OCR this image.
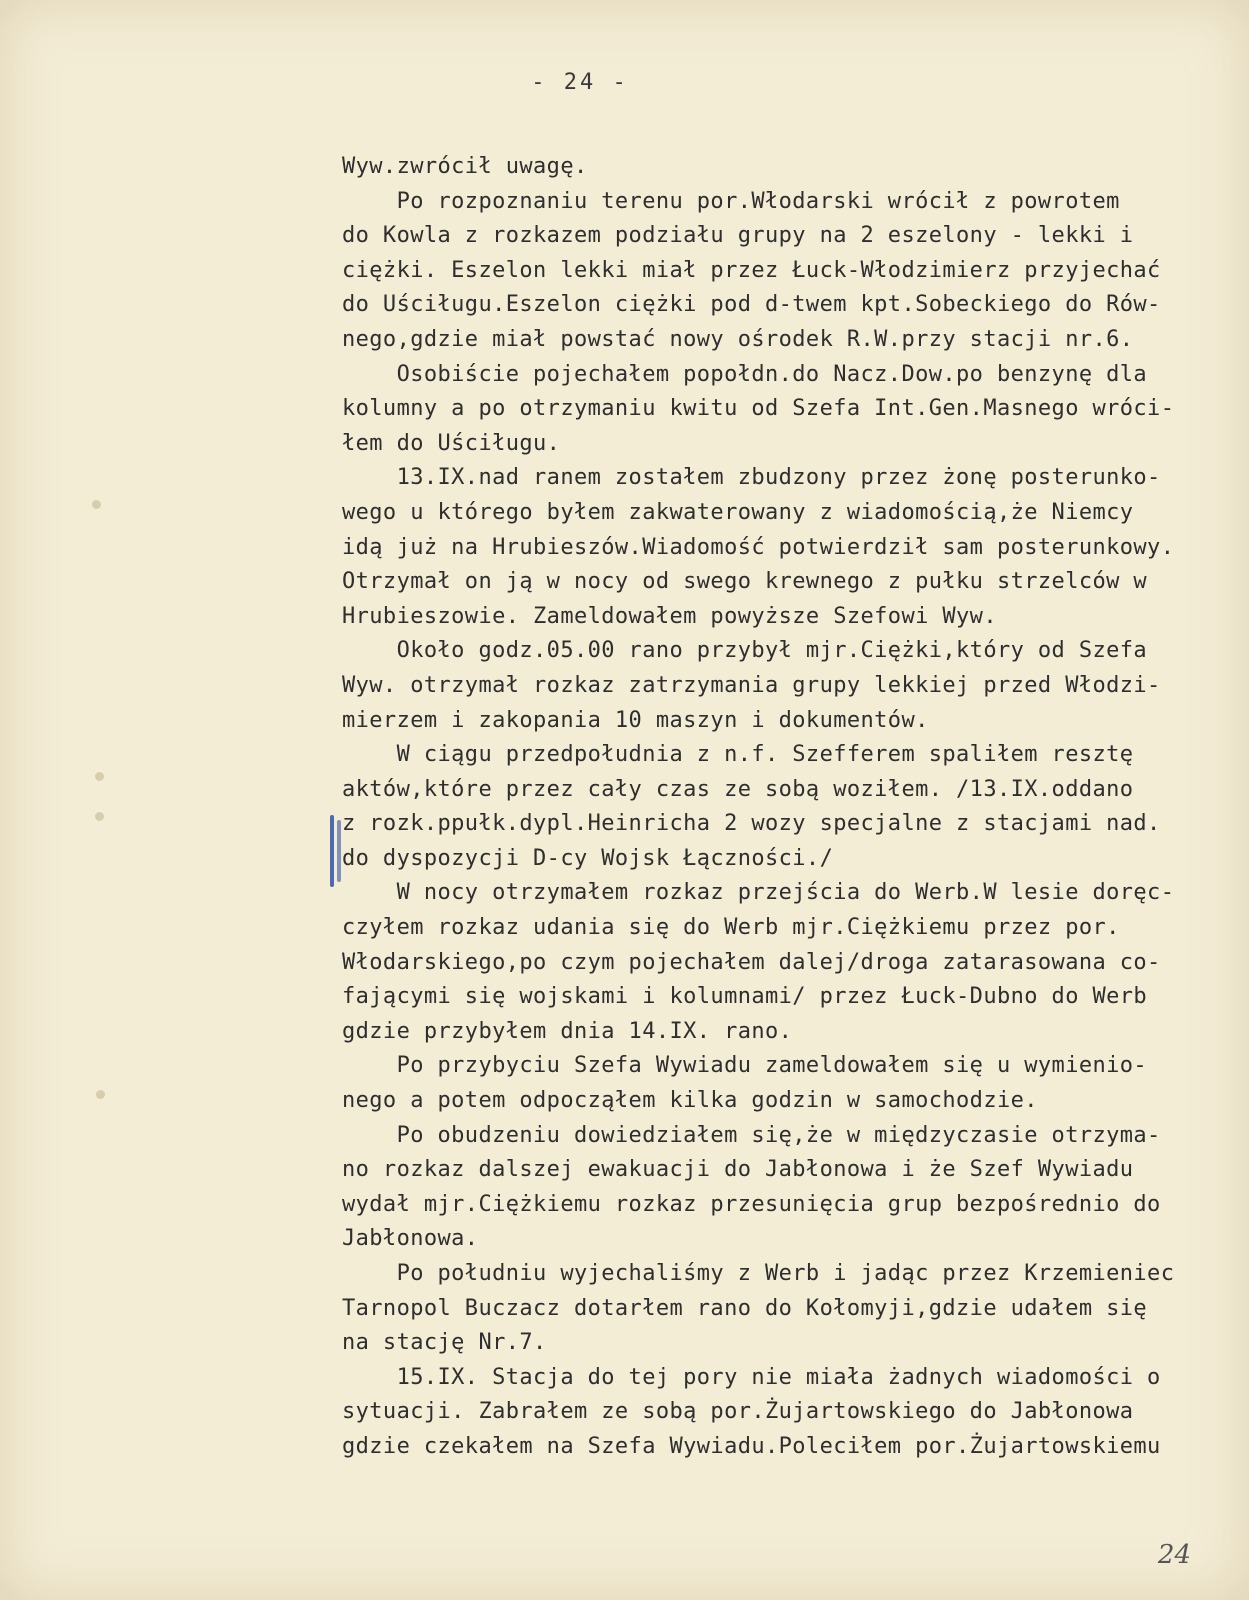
- 24 -
Wyw.zwrócił uwagę.
Po rozpoznaniu terenu por.Włodarski wrócił z powrotem
do Kowla z rozkazem podziału grupy na 2 eszelony - lekki i
ciężki. Eszelon lekki miał przez Łuck-Włodzimierz przyjechać
do Uściługu.Eszelon ciężki pod d-twem kpt.Sobeckiego do Rów-
nego,gdzie miał powstać nowy ośrodek R.W.przy stacji nr.6.
Osobiście pojechałem popołdn.do Nacz.Dow.po benzynę dla
kolumny a po otrzymaniu kwitu od Szefa Int.Gen.Masnego wróci-
łem do Uściługu.
13.IX.nad ranem zostałem zbudzony przez żonę posterunko-
wego u którego byłem zakwaterowany z wiadomością,że Niemcy
idą już na Hrubieszów.Wiadomość potwierdził sam posterunkowy.
Otrzymał on ją w nocy od swego krewnego z pułku strzelców w
Hrubieszowie. Zameldowałem powyższe Szefowi Wyw.
Około godz.05.00 rano przybył mjr.Ciężki,który od Szefa
Wyw. otrzymał rozkaz zatrzymania grupy lekkiej przed Włodzi-
mierzem i zakopania 10 maszyn i dokumentów.
W ciągu przedpołudnia z n.f. Szefferem spaliłem resztę
aktów,które przez cały czas ze sobą woziłem. /13.IX.oddano
z rozk.ppułk.dypl.Heinricha 2 wozy specjalne z stacjami nad.
do dyspozycji D-cy Wojsk Łączności./
W nocy otrzymałem rozkaz przejścia do Werb.W lesie doręc-
czyłem rozkaz udania się do Werb mjr.Ciężkiemu przez por.
Włodarskiego,po czym pojechałem dalej/droga zatarasowana co-
fającymi się wojskami i kolumnami/ przez Łuck-Dubno do Werb
gdzie przybyłem dnia 14.IX. rano.
Po przybyciu Szefa Wywiadu zameldowałem się u wymienio-
nego a potem odpocząłem kilka godzin w samochodzie.
Po obudzeniu dowiedziałem się,że w międzyczasie otrzyma-
no rozkaz dalszej ewakuacji do Jabłonowa i że Szef Wywiadu
wydał mjr.Ciężkiemu rozkaz przesunięcia grup bezpośrednio do
Jabłonowa.
Po południu wyjechaliśmy z Werb i jadąc przez Krzemieniec
Tarnopol Buczacz dotarłem rano do Kołomyji,gdzie udałem się
na stację Nr.7.
15.IX. Stacja do tej pory nie miała żadnych wiadomości o
sytuacji. Zabrałem ze sobą por.Żujartowskiego do Jabłonowa
gdzie czekałem na Szefa Wywiadu.Poleciłem por.Żujartowskiemu
24
